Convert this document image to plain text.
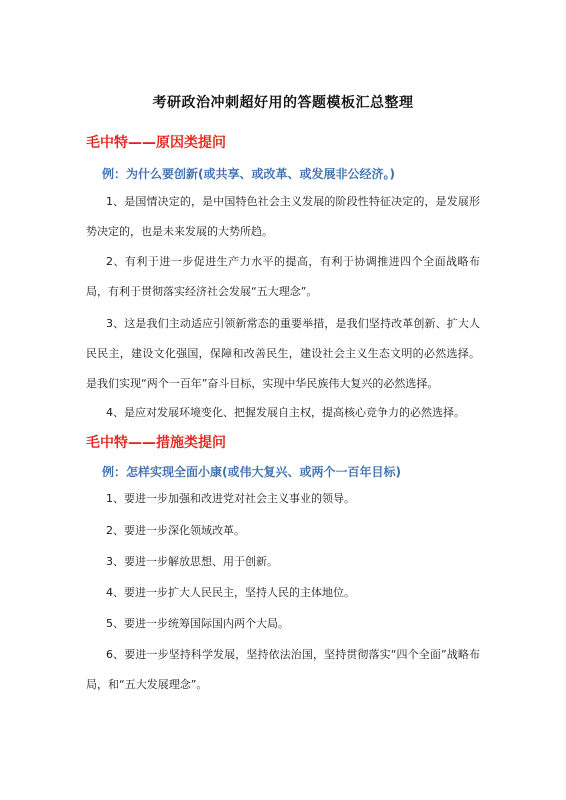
考研政治冲刺超好用的答题模板汇总整理
毛中特——原因类提问
例：为什么要创新(或共享、或改革、或发展非公经济。)
1、是国情决定的，是中国特色社会主义发展的阶段性特征决定的，是发展形势决定的，也是未来发展的大势所趋。
2、有利于进一步促进生产力水平的提高，有利于协调推进四个全面战略布局，有利于贯彻落实经济社会发展“五大理念”。
3、这是我们主动适应引领新常态的重要举措，是我们坚持改革创新、扩大人民民主，建设文化强国，保障和改善民生，建设社会主义生态文明的必然选择。是我们实现“两个一百年”奋斗目标，实现中华民族伟大复兴的必然选择。
4、是应对发展环境变化、把握发展自主权，提高核心竞争力的必然选择。
毛中特——措施类提问
例：怎样实现全面小康(或伟大复兴、或两个一百年目标)
1、要进一步加强和改进党对社会主义事业的领导。
2、要进一步深化领域改革。
3、要进一步解放思想、用于创新。
4、要进一步扩大人民民主，坚持人民的主体地位。
5、要进一步统筹国际国内两个大局。
6、要进一步坚持科学发展，坚持依法治国，坚持贯彻落实“四个全面”战略布局，和“五大发展理念”。
